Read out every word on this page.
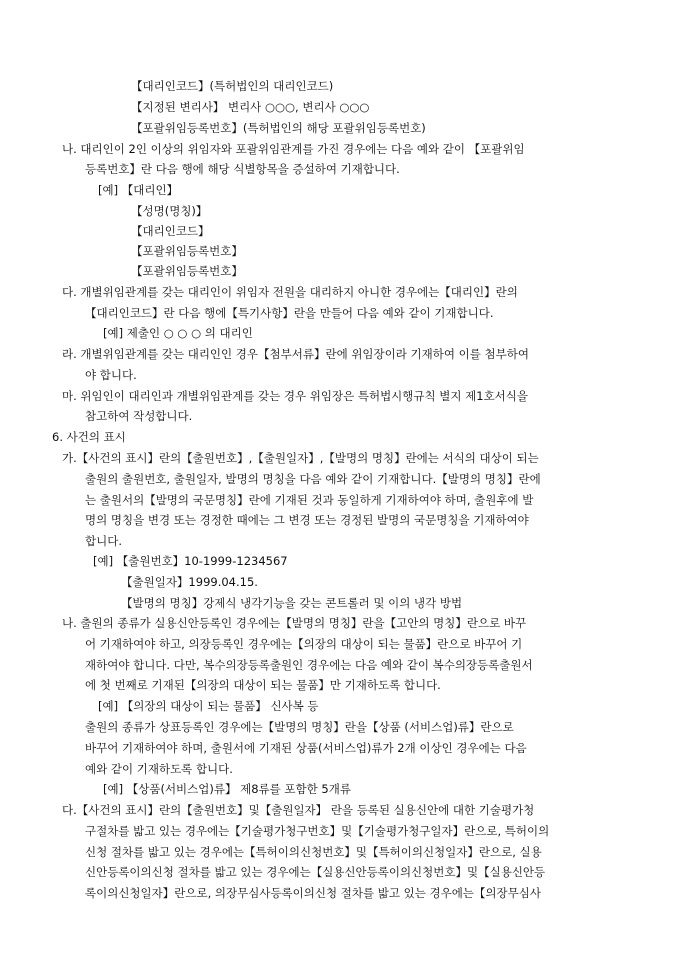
【대리인코드】(특허법인의 대리인코드)
【지정된 변리사】 변리사 ○○○, 변리사 ○○○
【포괄위임등록번호】(특허법인의 해당 포괄위임등록번호)
나. 대리인이 2인 이상의 위임자와 포괄위임관계를 가진 경우에는 다음 예와 같이 【포괄위임
등록번호】란 다음 행에 해당 식별항목을 증설하여 기재합니다.
[예] 【대리인】
【성명(명칭)】
【대리인코드】
【포괄위임등록번호】
【포괄위임등록번호】
다. 개별위임관계를 갖는 대리인이 위임자 전원을 대리하지 아니한 경우에는【대리인】란의
【대리인코드】란 다음 행에【특기사항】란을 만들어 다음 예와 같이 기재합니다.
[예] 제출인 ○ ○ ○ 의 대리인
라. 개별위임관계를 갖는 대리인인 경우【첨부서류】란에 위임장이라 기재하여 이를 첨부하여
야 합니다.
마. 위임인이 대리인과 개별위임관계를 갖는 경우 위임장은 특허법시행규칙 별지 제1호서식을
참고하여 작성합니다.
6. 사건의 표시
가.【사건의 표시】란의【출원번호】,【출원일자】,【발명의 명칭】란에는 서식의 대상이 되는
출원의 출원번호, 출원일자, 발명의 명칭을 다음 예와 같이 기재합니다.【발명의 명칭】란에
는 출원서의【발명의 국문명칭】란에 기재된 것과 동일하게 기재하여야 하며, 출원후에 발
명의 명칭을 변경 또는 경정한 때에는 그 변경 또는 경정된 발명의 국문명칭을 기재하여야
합니다.
[예] 【출원번호】10-1999-1234567
【출원일자】1999.04.15.
【발명의 명칭】강제식 냉각기능을 갖는 콘트롤러 및 이의 냉각 방법
나. 출원의 종류가 실용신안등록인 경우에는【발명의 명칭】란을【고안의 명칭】란으로 바꾸
어 기재하여야 하고, 의장등록인 경우에는【의장의 대상이 되는 물품】란으로 바꾸어 기
재하여야 합니다. 다만, 복수의장등록출원인 경우에는 다음 예와 같이 복수의장등록출원서
에 첫 번째로 기재된【의장의 대상이 되는 물품】만 기재하도록 합니다.
[예] 【의장의 대상이 되는 물품】 신사복 등
출원의 종류가 상표등록인 경우에는【발명의 명칭】란을【상품 (서비스업)류】란으로
바꾸어 기재하여야 하며, 출원서에 기재된 상품(서비스업)류가 2개 이상인 경우에는 다음
예와 같이 기재하도록 합니다.
[예] 【상품(서비스업)류】 제8류를 포함한 5개류
다.【사건의 표시】란의【출원번호】및【출원일자】 란을 등록된 실용신안에 대한 기술평가청
구절차를 밟고 있는 경우에는【기술평가청구번호】및【기술평가청구일자】란으로, 특허이의
신청 절차를 밟고 있는 경우에는【특허이의신청번호】및【특허이의신청일자】란으로, 실용
신안등록이의신청 절차를 밟고 있는 경우에는【실용신안등록이의신청번호】및【실용신안등
록이의신청일자】란으로, 의장무심사등록이의신청 절차를 밟고 있는 경우에는【의장무심사
